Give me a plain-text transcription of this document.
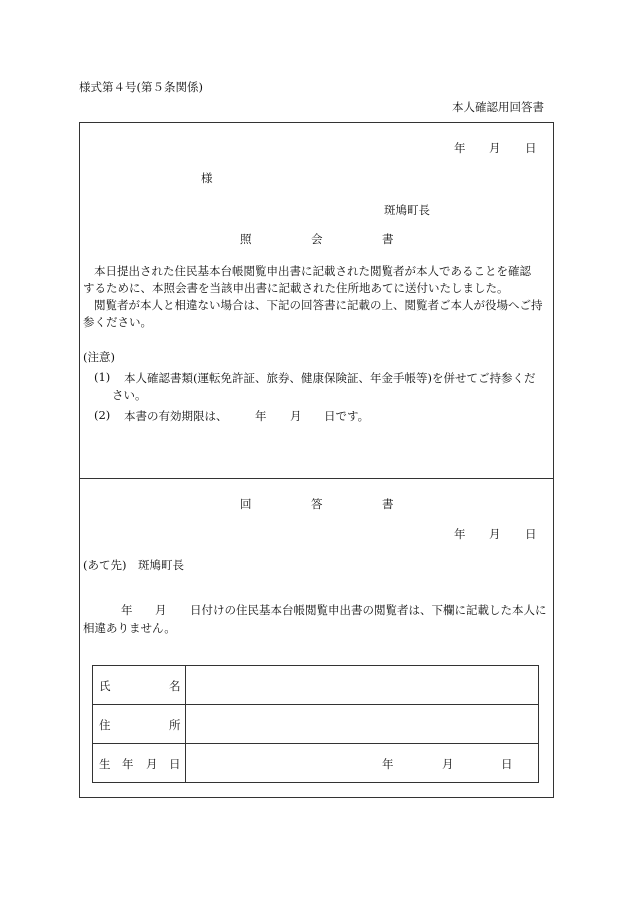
様式第４号(第５条関係)
本人確認用回答書
年 月 日
様
斑鳩町長
照	会	書
本日提出された住民基本台帳閲覧申出書に記載された閲覧者が本人であることを確認
するために、本照会書を当該申出書に記載された住所地あてに送付いたしました。
閲覧者が本人と相違ない場合は、下記の回答書に記載の上、閲覧者ご本人が役場へご持
参ください。
(注意)
(1) 本人確認書類(運転免許証、旅券、健康保険証、年金手帳等)を併せてご持参くだ
さい。
(2) 本書の有効期限は、 年 月 日です。
回	答	書
年 月 日
(あて先)　斑鳩町長
年 月 日付けの住民基本台帳閲覧申出書の閲覧者は、下欄に記載した本人に
相違ありません。
氏 名	

住 所	

生 年 月 日	年 月 日
